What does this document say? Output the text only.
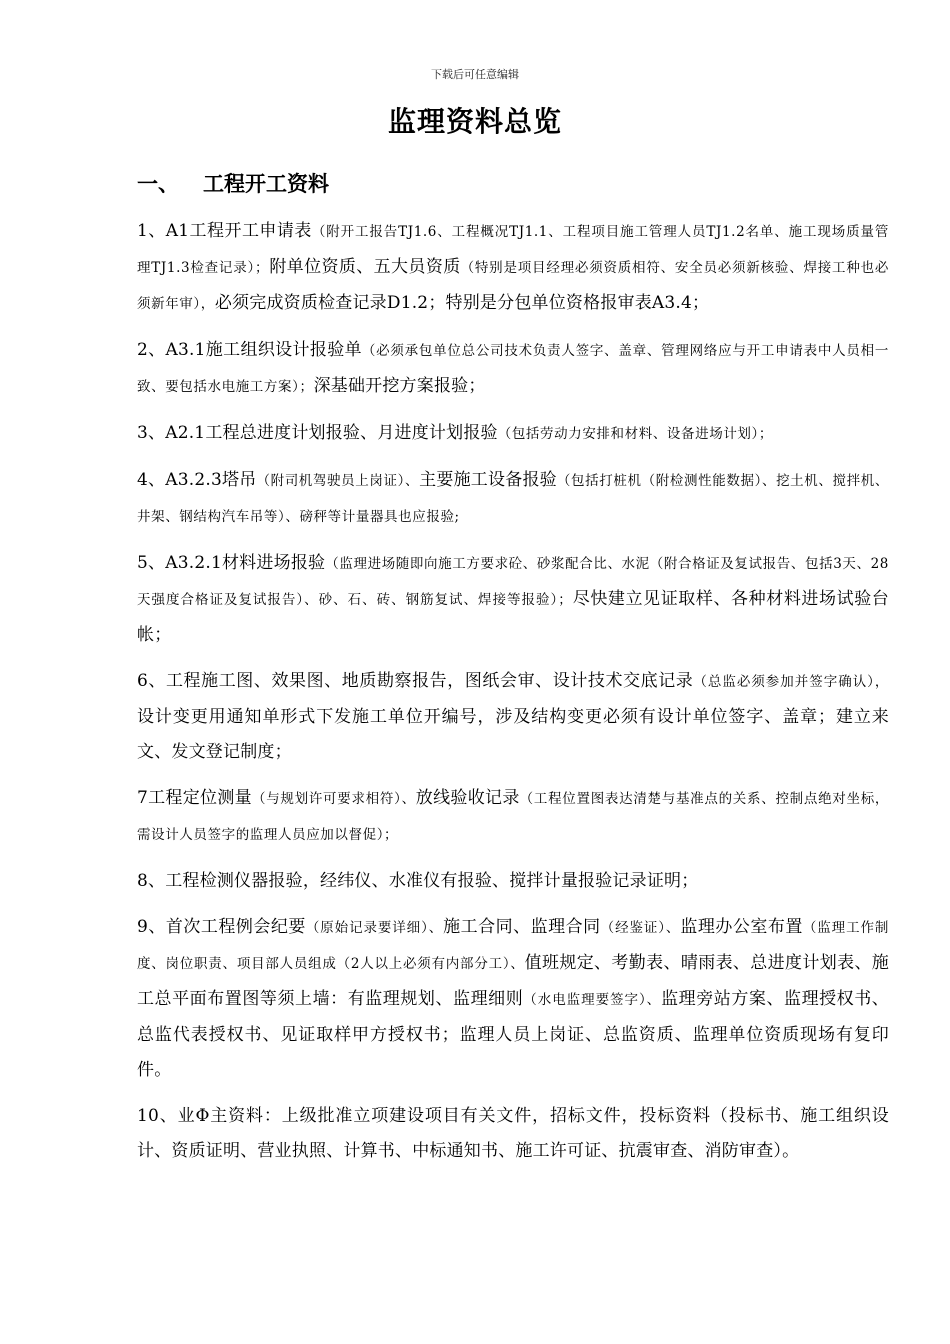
下载后可任意编辑
监理资料总览
一、 工程开工资料

1、A1工程开工申请表（附开工报告TJ1.6、工程概况TJ1.1、工程项目施工管理人员TJ1.2名单、施工现场质量管理TJ1.3检查记录）；附单位资质、五大员资质（特别是项目经理必须资质相符、安全员必须新核验、焊接工种也必须新年审），必须完成资质检查记录D1.2；特别是分包单位资格报审表A3.4；

2、A3.1施工组织设计报验单（必须承包单位总公司技术负责人签字、盖章、管理网络应与开工申请表中人员相一致、要包括水电施工方案）；深基础开挖方案报验；

3、A2.1工程总进度计划报验、月进度计划报验（包括劳动力安排和材料、设备进场计划）；

4、A3.2.3塔吊（附司机驾驶员上岗证）、主要施工设备报验（包括打桩机（附检测性能数据）、挖土机、搅拌机、井架、钢结构汽车吊等）、磅秤等计量器具也应报验;

5、A3.2.1材料进场报验（监理进场随即向施工方要求砼、砂浆配合比、水泥（附合格证及复试报告、包括3天、28天强度合格证及复试报告）、砂、石、砖、钢筋复试、焊接等报验）；尽快建立见证取样、各种材料进场试验台帐；

6、工程施工图、效果图、地质勘察报告，图纸会审、设计技术交底记录（总监必须参加并签字确认），设计变更用通知单形式下发施工单位开编号，涉及结构变更必须有设计单位签字、盖章；建立来文、发文登记制度；

7工程定位测量（与规划许可要求相符）、放线验收记录（工程位置图表达清楚与基准点的关系、控制点绝对坐标，需设计人员签字的监理人员应加以督促）；

8、工程检测仪器报验，经纬仪、水准仪有报验、搅拌计量报验记录证明；

9、首次工程例会纪要（原始记录要详细）、施工合同、监理合同（经鉴证）、监理办公室布置（监理工作制度、岗位职责、项目部人员组成（2人以上必须有内部分工）、值班规定、考勤表、晴雨表、总进度计划表、施工总平面布置图等须上墙：有监理规划、监理细则（水电监理要签字）、监理旁站方案、监理授权书、总监代表授权书、见证取样甲方授权书；监理人员上岗证、总监资质、监理单位资质现场有复印件。

10、业Φ主资料：上级批准立项建设项目有关文件，招标文件，投标资料（投标书、施工组织设计、资质证明、营业执照、计算书、中标通知书、施工许可证、抗震审查、消防审查）。
